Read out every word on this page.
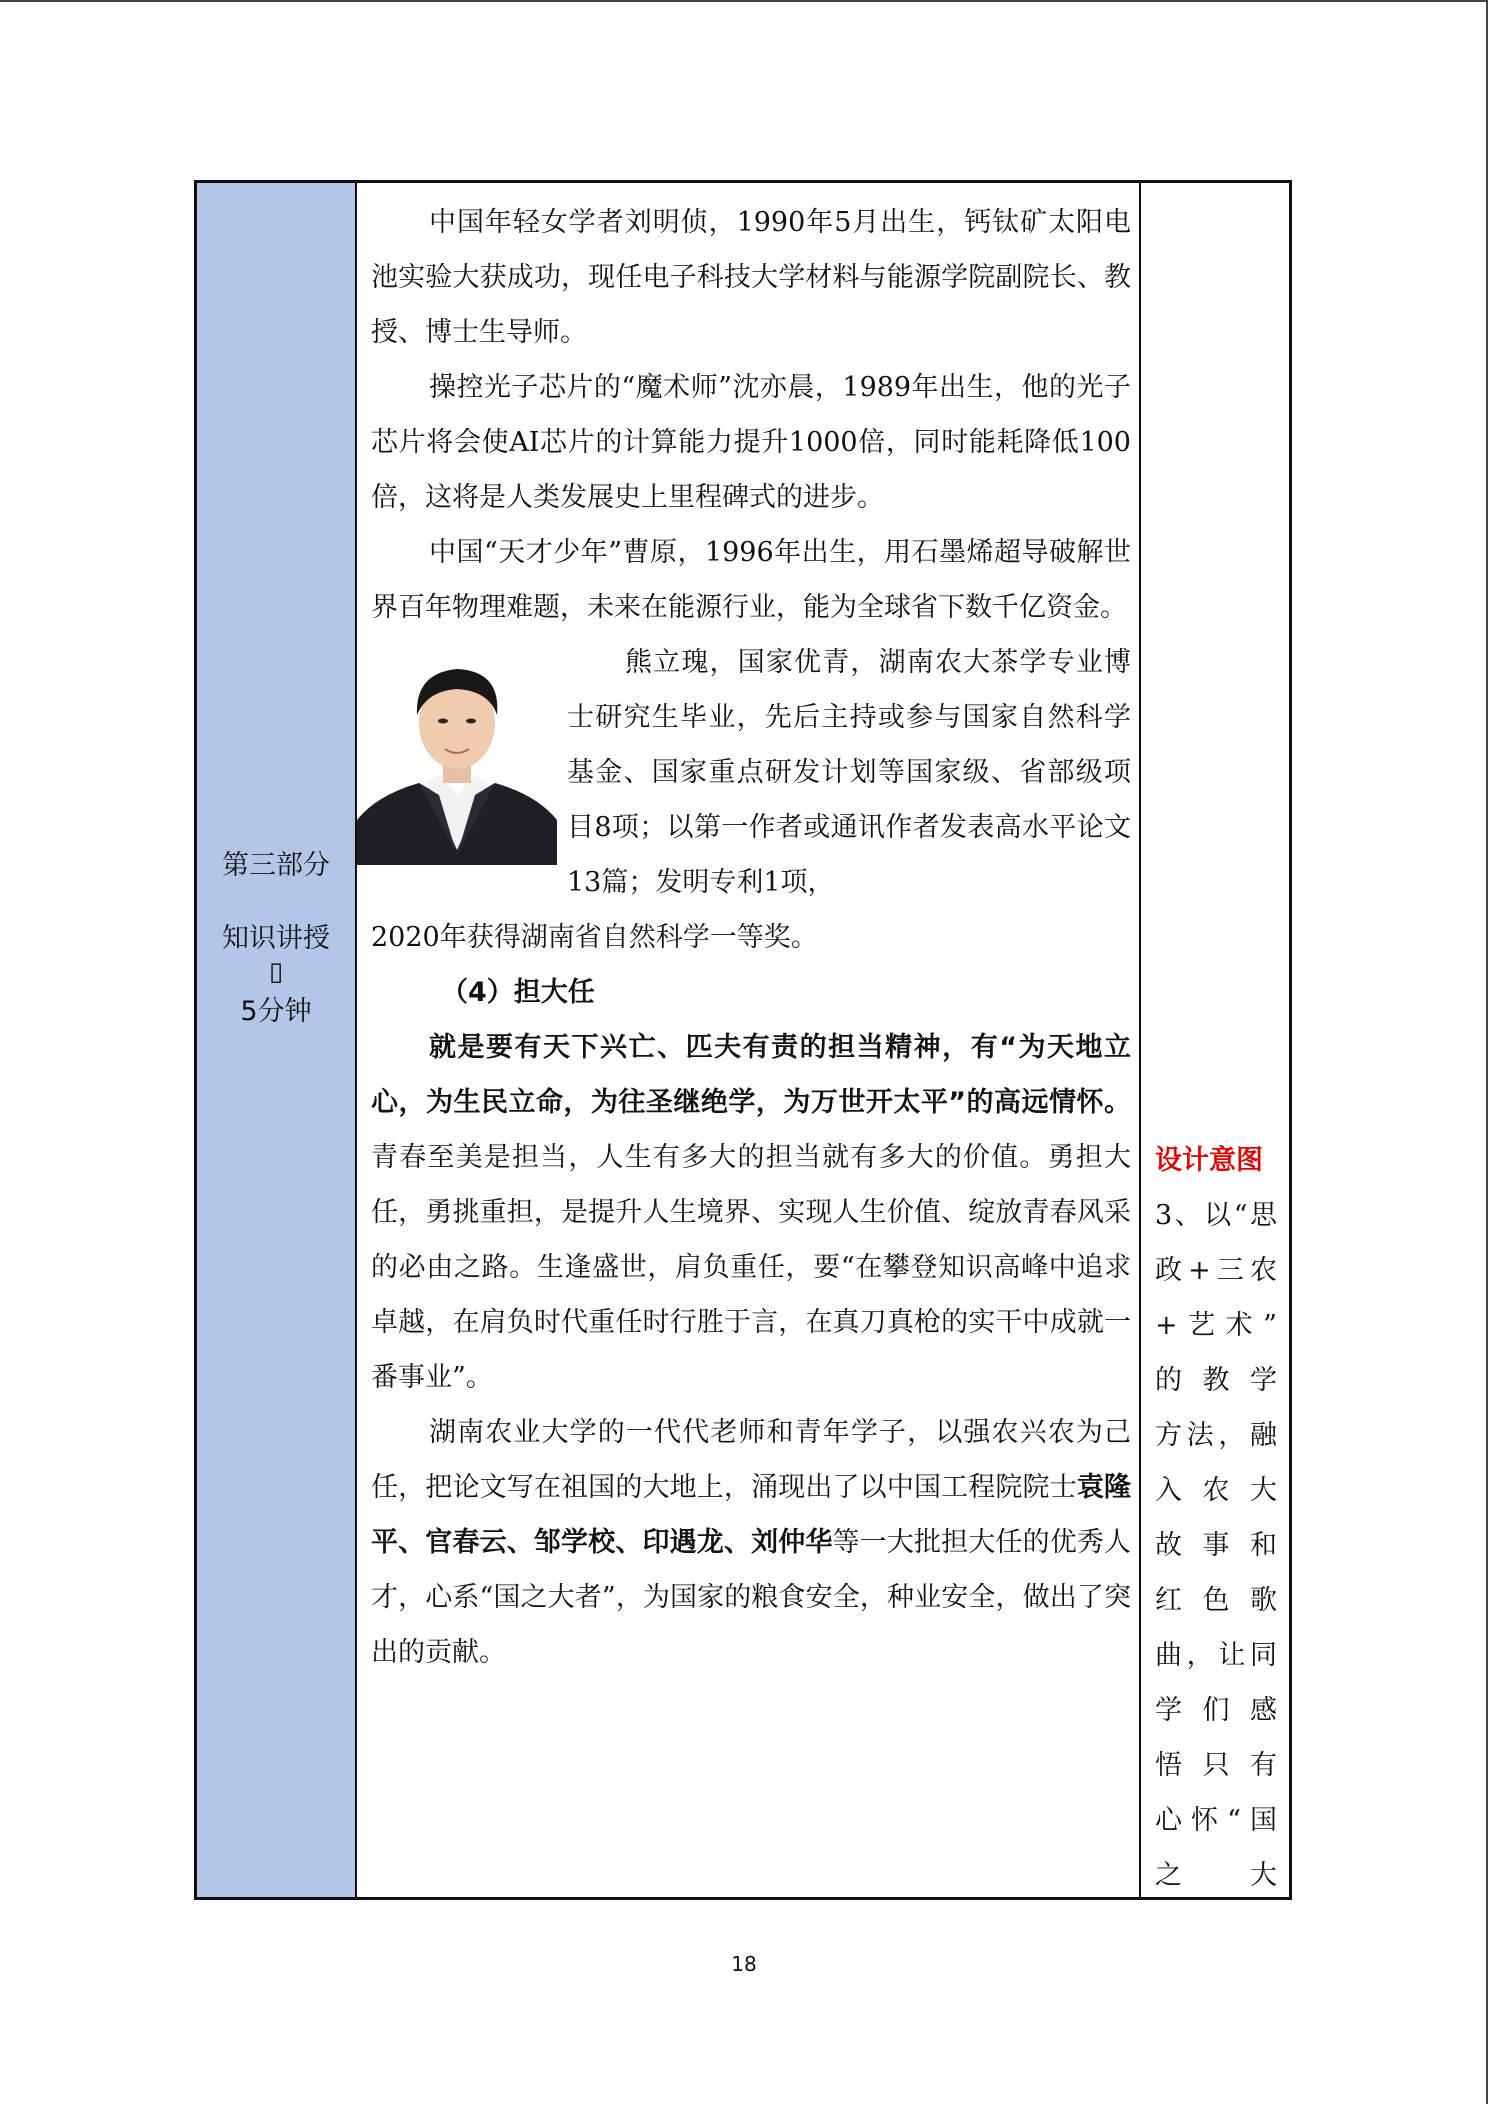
第三部分
知识讲授
▯
5分钟

中国年轻女学者刘明侦，1990年5月出生，钙钛矿太阳电池实验大获成功，现任电子科技大学材料与能源学院副院长、教授、博士生导师。

操控光子芯片的“魔术师”沈亦晨，1989年出生，他的光子芯片将会使AI芯片的计算能力提升1000倍，同时能耗降低100倍，这将是人类发展史上里程碑式的进步。

中国“天才少年”曹原，1996年出生，用石墨烯超导破解世界百年物理难题，未来在能源行业，能为全球省下数千亿资金。

熊立瑰，国家优青，湖南农大茶学专业博士研究生毕业，先后主持或参与国家自然科学基金、国家重点研发计划等国家级、省部级项目8项；以第一作者或通讯作者发表高水平论文13篇；发明专利1项，

2020年获得湖南省自然科学一等奖。

（4）担大任

就是要有天下兴亡、匹夫有责的担当精神，有“为天地立心，为生民立命，为往圣继绝学，为万世开太平”的高远情怀。青春至美是担当，人生有多大的担当就有多大的价值。勇担大任，勇挑重担，是提升人生境界、实现人生价值、绽放青春风采的必由之路。生逢盛世，肩负重任，要“在攀登知识高峰中追求卓越，在肩负时代重任时行胜于言，在真刀真枪的实干中成就一番事业”。

湖南农业大学的一代代老师和青年学子，以强农兴农为己任，把论文写在祖国的大地上，涌现出了以中国工程院院士袁隆平、官春云、邹学校、印遇龙、刘仲华等一大批担大任的优秀人才，心系“国之大者”，为国家的粮食安全，种业安全，做出了突出的贡献。

设计意图
3、以“思
政+三农
+艺术”
的教学
方法，融
入农大
故事和
红色歌
曲，让同
学们感
悟只有
心怀“国
之　大
18
